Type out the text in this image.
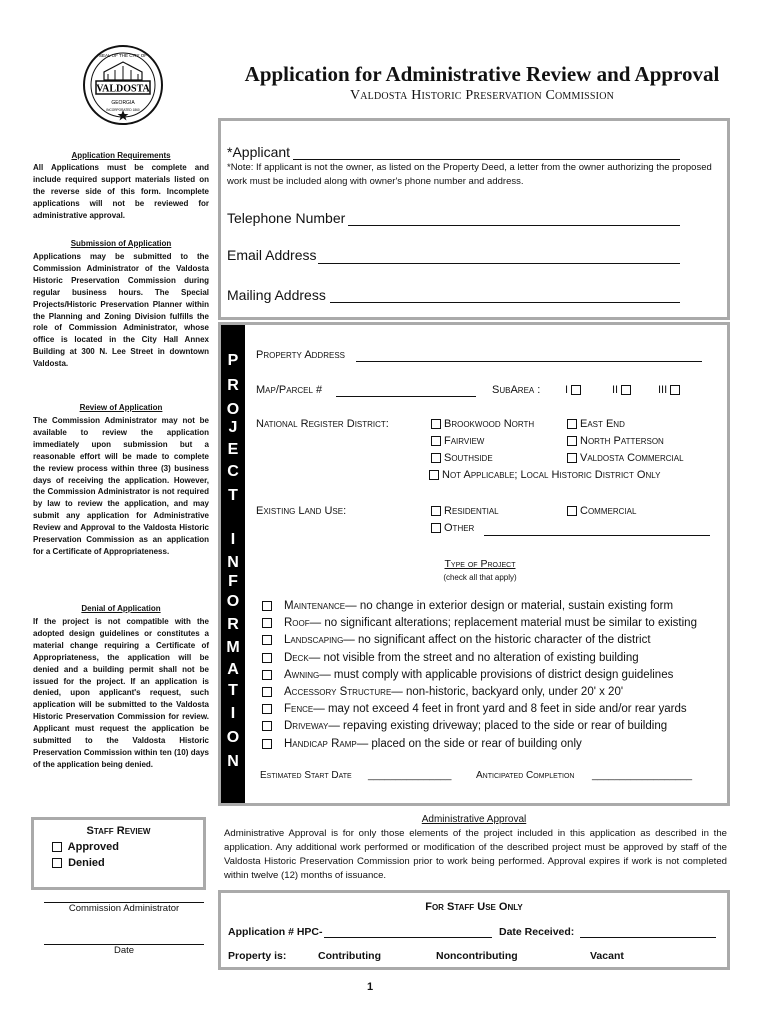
VALDOSTA
GEORGIA
SEAL OF THE CITY OF
INCORPORATED 1860
Application for Administrative Review and Approval
Valdosta Historic Preservation Commission
Application Requirements
All Applications must be complete and include required support materials listed on the reverse side of this form. Incomplete applications will not be reviewed for administrative approval.
Submission of Application
Applications may be submitted to the Commission Administrator of the Valdosta Historic Preservation Commission during regular business hours. The Special Projects/Historic Preservation Planner within the Planning and Zoning Division fulfills the role of Commission Administrator, whose office is located in the City Hall Annex Building at 300 N. Lee Street in downtown Valdosta.
Review of Application
The Commission Administrator may not be available to review the application immediately upon submission but a reasonable effort will be made to complete the review process within three (3) business days of receiving the application. However, the Commission Administrator is not required by law to review the application, and may submit any application for Administrative Review and Approval to the Valdosta Historic Preservation Commission as an application for a Certificate of Appropriateness.
Denial of Application
If the project is not compatible with the adopted design guidelines or constitutes a material change requiring a Certificate of Appropriateness, the application will be denied and a building permit shall not be issued for the project. If an application is denied, upon applicant's request, such application will be submitted to the Valdosta Historic Preservation Commission for review. Applicant must request the application be submitted to the Valdosta Historic Preservation Commission within ten (10) days of the application being denied.
*Applicant
*Note: If applicant is not the owner, as listed on the Property Deed, a letter from the owner authorizing the proposed work must be included along with owner's phone number and address.
Telephone Number
Email Address
Mailing Address
P
R
O
J
E
C
T
I
N
F
O
R
M
A
T
I
O
N
Property Address
Map/Parcel #	SubArea : I	II	III
National Register District:	Brookwood North	East End
Fairview	North Patterson
Southside	Valdosta Commercial
Not Applicable; Local Historic District Only
Existing Land Use:	Residential	Commercial
Other
Type of Project
(check all that apply)
Maintenance— no change in exterior design or material, sustain existing form
Roof— no significant alterations; replacement material must be similar to existing
Landscaping— no significant affect on the historic character of the district
Deck— not visible from the street and no alteration of existing building
Awning— must comply with applicable provisions of district design guidelines
Accessory Structure— non-historic, backyard only, under 20' x 20'
Fence— may not exceed 4 feet in front yard and 8 feet in side and/or rear yards
Driveway— repaving existing driveway; placed to the side or rear of building
Handicap Ramp— placed on the side or rear of building only
Estimated Start Date _______________ Anticipated Completion __________________
Administrative Approval
Administrative Approval is for only those elements of the project included in this application as described in the application. Any additional work performed or modification of the described project must be approved by staff of the Valdosta Historic Preservation Commission prior to work being performed. Approval expires if work is not completed within twelve (12) months of issuance.
Staff Review
Approved
Denied
Commission Administrator
Date
For Staff Use Only
Application # HPC-	Date Received:
Property is:	Contributing	Noncontributing	Vacant
1
